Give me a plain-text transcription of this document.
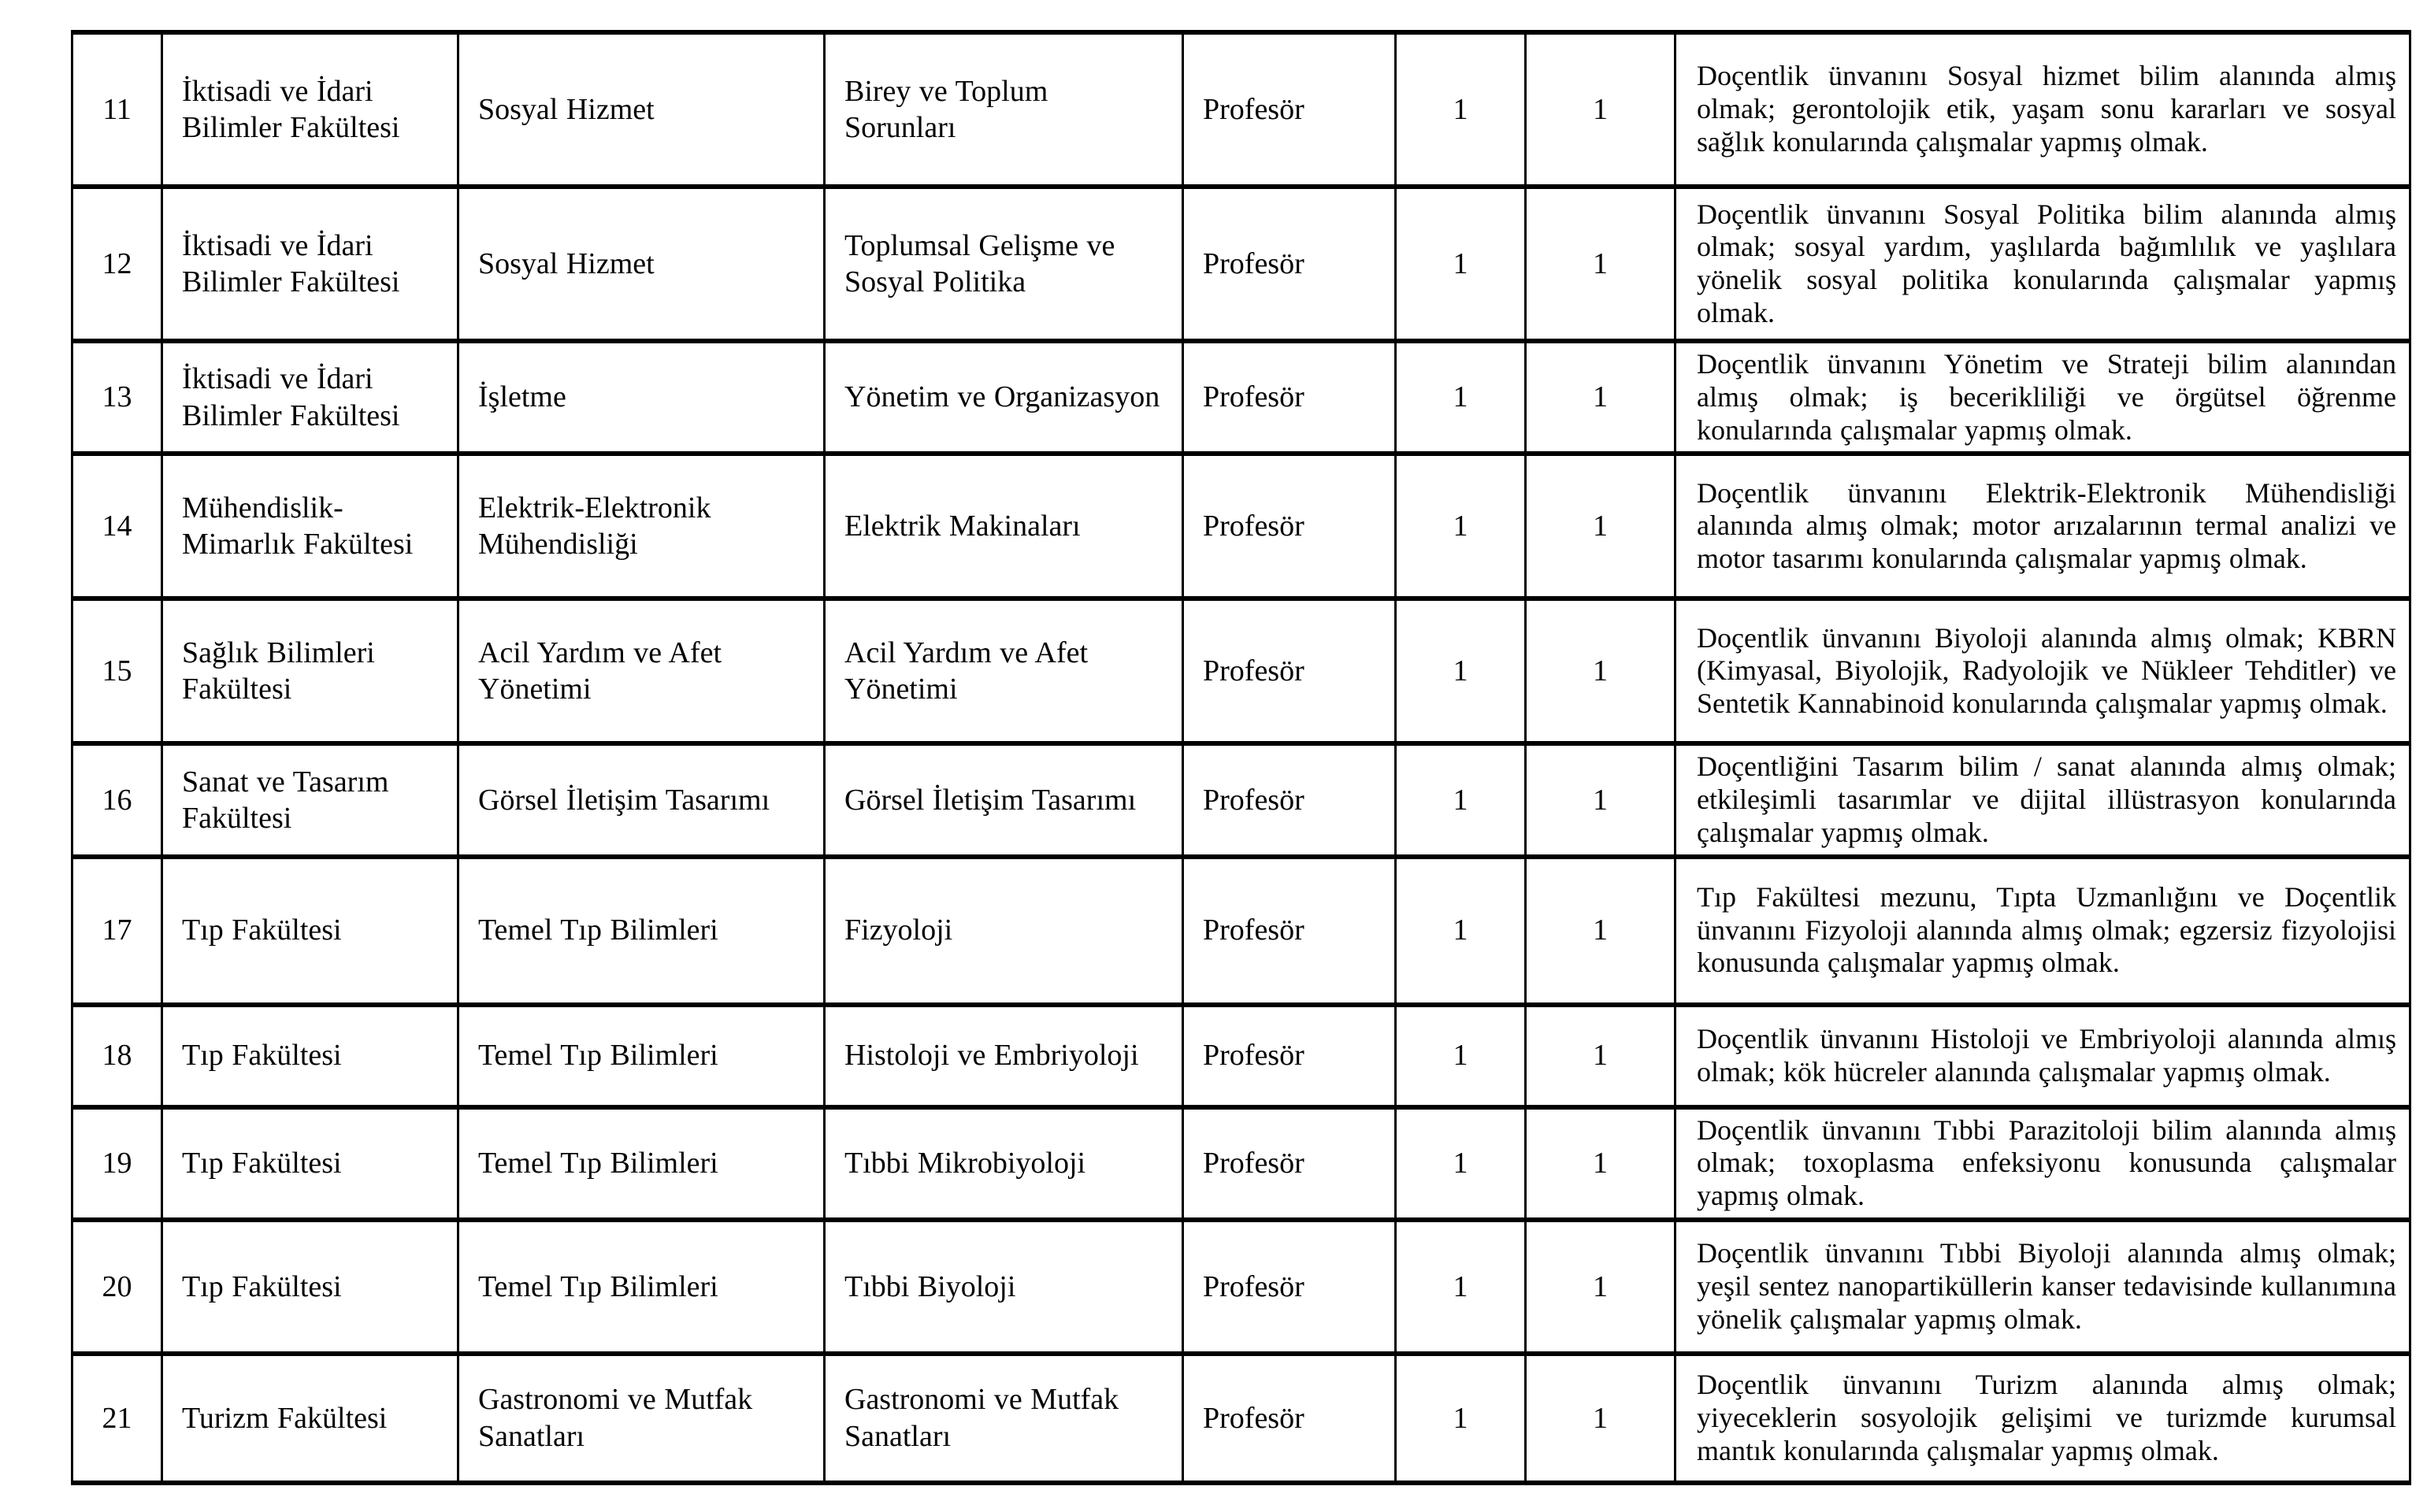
11	İktisadi ve İdari Bilimler Fakültesi	Sosyal Hizmet	Birey ve Toplum Sorunları	Profesör	1	1	Doçentlik ünvanını Sosyal hizmet bilim alanında almış olmak; gerontolojik etik, yaşam sonu kararları ve sosyal sağlık konularında çalışmalar yapmış olmak.
12	İktisadi ve İdari Bilimler Fakültesi	Sosyal Hizmet	Toplumsal Gelişme ve Sosyal Politika	Profesör	1	1	Doçentlik ünvanını Sosyal Politika bilim alanında almış olmak; sosyal yardım, yaşlılarda bağımlılık ve yaşlılara yönelik sosyal politika konularında çalışmalar yapmış olmak.
13	İktisadi ve İdari Bilimler Fakültesi	İşletme	Yönetim ve Organizasyon	Profesör	1	1	Doçentlik ünvanını Yönetim ve Strateji bilim alanından almış olmak; iş becerikliliği ve örgütsel öğrenme konularında çalışmalar yapmış olmak.
14	Mühendislik-Mimarlık Fakültesi	Elektrik-Elektronik Mühendisliği	Elektrik Makinaları	Profesör	1	1	Doçentlik ünvanını Elektrik-Elektronik Mühendisliği alanında almış olmak; motor arızalarının termal analizi ve motor tasarımı konularında çalışmalar yapmış olmak.
15	Sağlık Bilimleri Fakültesi	Acil Yardım ve Afet Yönetimi	Acil Yardım ve Afet Yönetimi	Profesör	1	1	Doçentlik ünvanını Biyoloji alanında almış olmak; KBRN (Kimyasal, Biyolojik, Radyolojik ve Nükleer Tehditler) ve Sentetik Kannabinoid konularında çalışmalar yapmış olmak.
16	Sanat ve Tasarım Fakültesi	Görsel İletişim Tasarımı	Görsel İletişim Tasarımı	Profesör	1	1	Doçentliğini Tasarım bilim / sanat alanında almış olmak; etkileşimli tasarımlar ve dijital illüstrasyon konularında çalışmalar yapmış olmak.
17	Tıp Fakültesi	Temel Tıp Bilimleri	Fizyoloji	Profesör	1	1	Tıp Fakültesi mezunu, Tıpta Uzmanlığını ve Doçentlik ünvanını Fizyoloji alanında almış olmak; egzersiz fizyolojisi konusunda çalışmalar yapmış olmak.
18	Tıp Fakültesi	Temel Tıp Bilimleri	Histoloji ve Embriyoloji	Profesör	1	1	Doçentlik ünvanını Histoloji ve Embriyoloji alanında almış olmak; kök hücreler alanında çalışmalar yapmış olmak.
19	Tıp Fakültesi	Temel Tıp Bilimleri	Tıbbi Mikrobiyoloji	Profesör	1	1	Doçentlik ünvanını Tıbbi Parazitoloji bilim alanında almış olmak; toxoplasma enfeksiyonu konusunda çalışmalar yapmış olmak.
20	Tıp Fakültesi	Temel Tıp Bilimleri	Tıbbi Biyoloji	Profesör	1	1	Doçentlik ünvanını Tıbbi Biyoloji alanında almış olmak; yeşil sentez nanopartiküllerin kanser tedavisinde kullanımına yönelik çalışmalar yapmış olmak.
21	Turizm Fakültesi	Gastronomi ve Mutfak Sanatları	Gastronomi ve Mutfak Sanatları	Profesör	1	1	Doçentlik ünvanını Turizm alanında almış olmak; yiyeceklerin sosyolojik gelişimi ve turizmde kurumsal mantık konularında çalışmalar yapmış olmak.
